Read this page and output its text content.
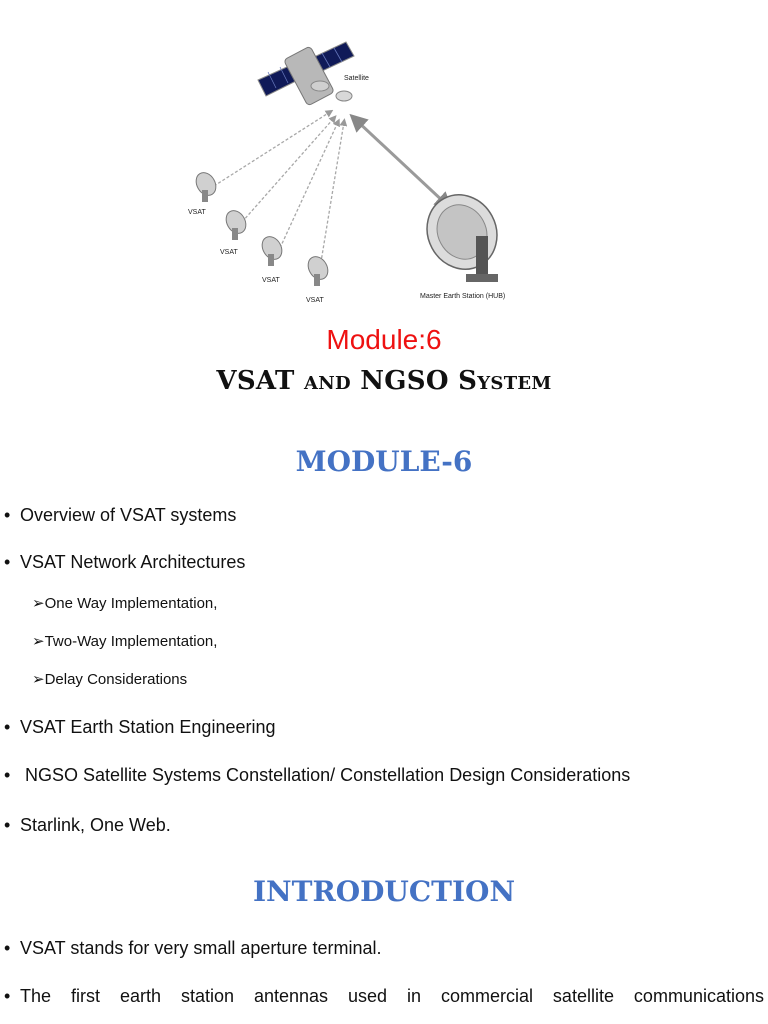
Satellite
VSAT
VSAT
VSAT
VSAT
Master Earth Station (HUB)
Module:6
VSAT and NGSO System
MODULE-6
• Overview of VSAT systems
• VSAT Network Architectures
➢One Way Implementation,
➢Two-Way Implementation,
➢Delay Considerations
• VSAT Earth Station Engineering
• NGSO Satellite Systems Constellation/ Constellation Design Considerations
• Starlink, One Web.
INTRODUCTION
• VSAT stands for very small aperture terminal.
• The first earth station antennas used in commercial satellite communications
